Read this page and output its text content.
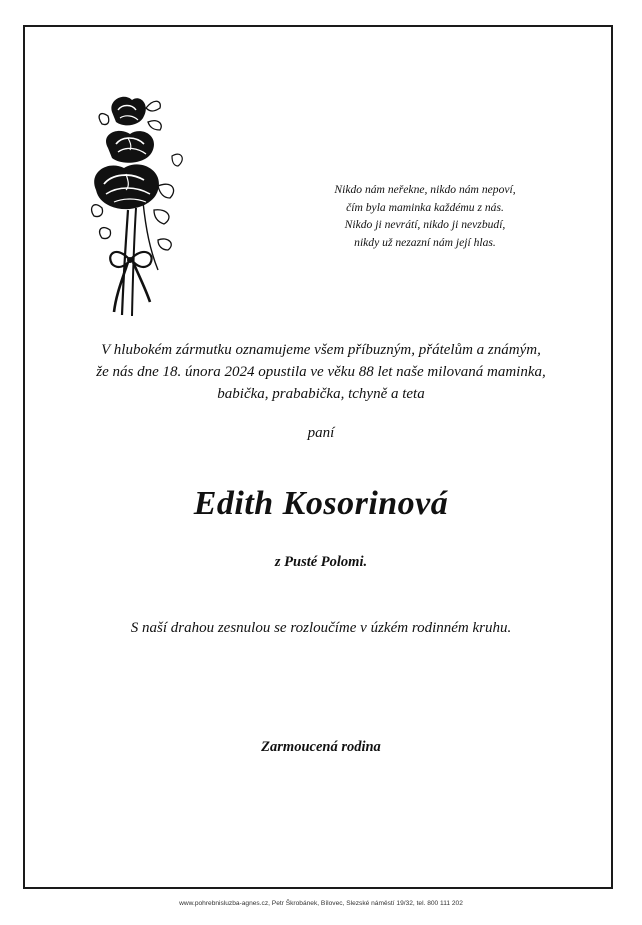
Nikdo nám neřekne, nikdo nám nepoví,
čím byla maminka každému z nás.
Nikdo ji nevrátí, nikdo ji nevzbudí,
nikdy už nezazní nám její hlas.
V hlubokém zármutku oznamujeme všem příbuzným, přátelům a známým,
že nás dne 18. února 2024 opustila ve věku 88 let naše milovaná maminka,
babička, prababička, tchyně a teta
paní
Edith Kosorinová
z Pusté Polomi.
S naší drahou zesnulou se rozloučíme v úzkém rodinném kruhu.
Zarmoucená rodina
www.pohrebnisluzba-agnes.cz, Petr Škrobánek, Bílovec, Slezské náměstí 19/32, tel. 800 111 202
